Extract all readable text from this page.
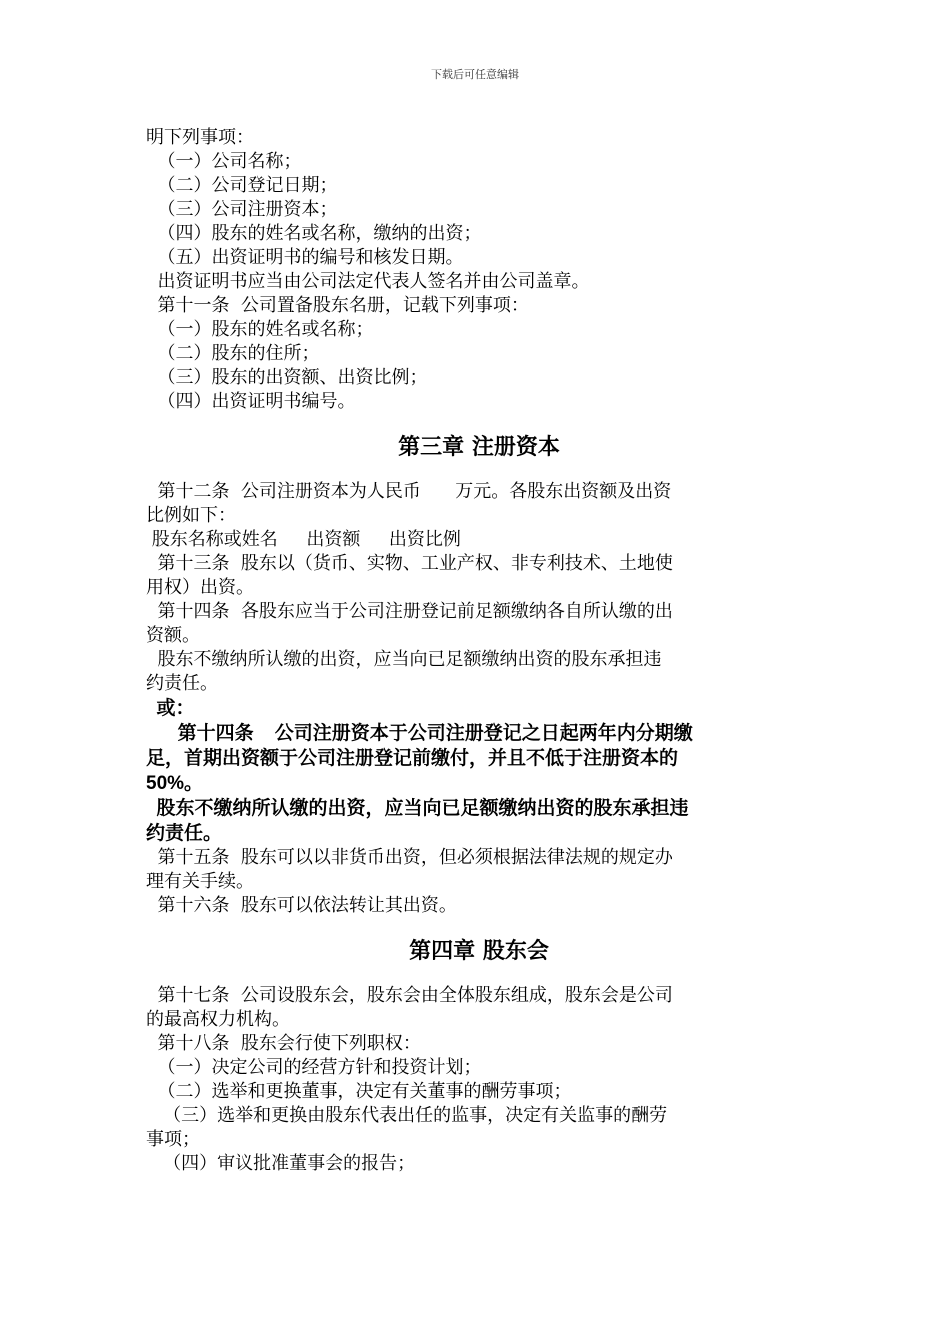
下载后可任意编辑
明下列事项：
（一）公司名称；
（二）公司登记日期；
（三）公司注册资本；
（四）股东的姓名或名称，缴纳的出资；
（五）出资证明书的编号和核发日期。
出资证明书应当由公司法定代表人签名并由公司盖章。
第十一条  公司置备股东名册，记载下列事项：
（一）股东的姓名或名称；
（二）股东的住所；
（三）股东的出资额、出资比例；
（四）出资证明书编号。
第三章 注册资本
第十二条  公司注册资本为人民币      万元。各股东出资额及出资
比例如下：
股东名称或姓名     出资额     出资比例
第十三条  股东以（货币、实物、工业产权、非专利技术、土地使
用权）出资。
第十四条  各股东应当于公司注册登记前足额缴纳各自所认缴的出
资额。
股东不缴纳所认缴的出资，应当向已足额缴纳出资的股东承担违
约责任。
或：
第十四条    公司注册资本于公司注册登记之日起两年内分期缴
足，首期出资额于公司注册登记前缴付，并且不低于注册资本的
50%。
股东不缴纳所认缴的出资，应当向已足额缴纳出资的股东承担违
约责任。
第十五条  股东可以以非货币出资，但必须根据法律法规的规定办
理有关手续。
第十六条  股东可以依法转让其出资。
第四章 股东会
第十七条  公司设股东会，股东会由全体股东组成，股东会是公司
的最高权力机构。
第十八条  股东会行使下列职权：
（一）决定公司的经营方针和投资计划；
（二）选举和更换董事，决定有关董事的酬劳事项；
（三）选举和更换由股东代表出任的监事，决定有关监事的酬劳
事项；
（四）审议批准董事会的报告；
